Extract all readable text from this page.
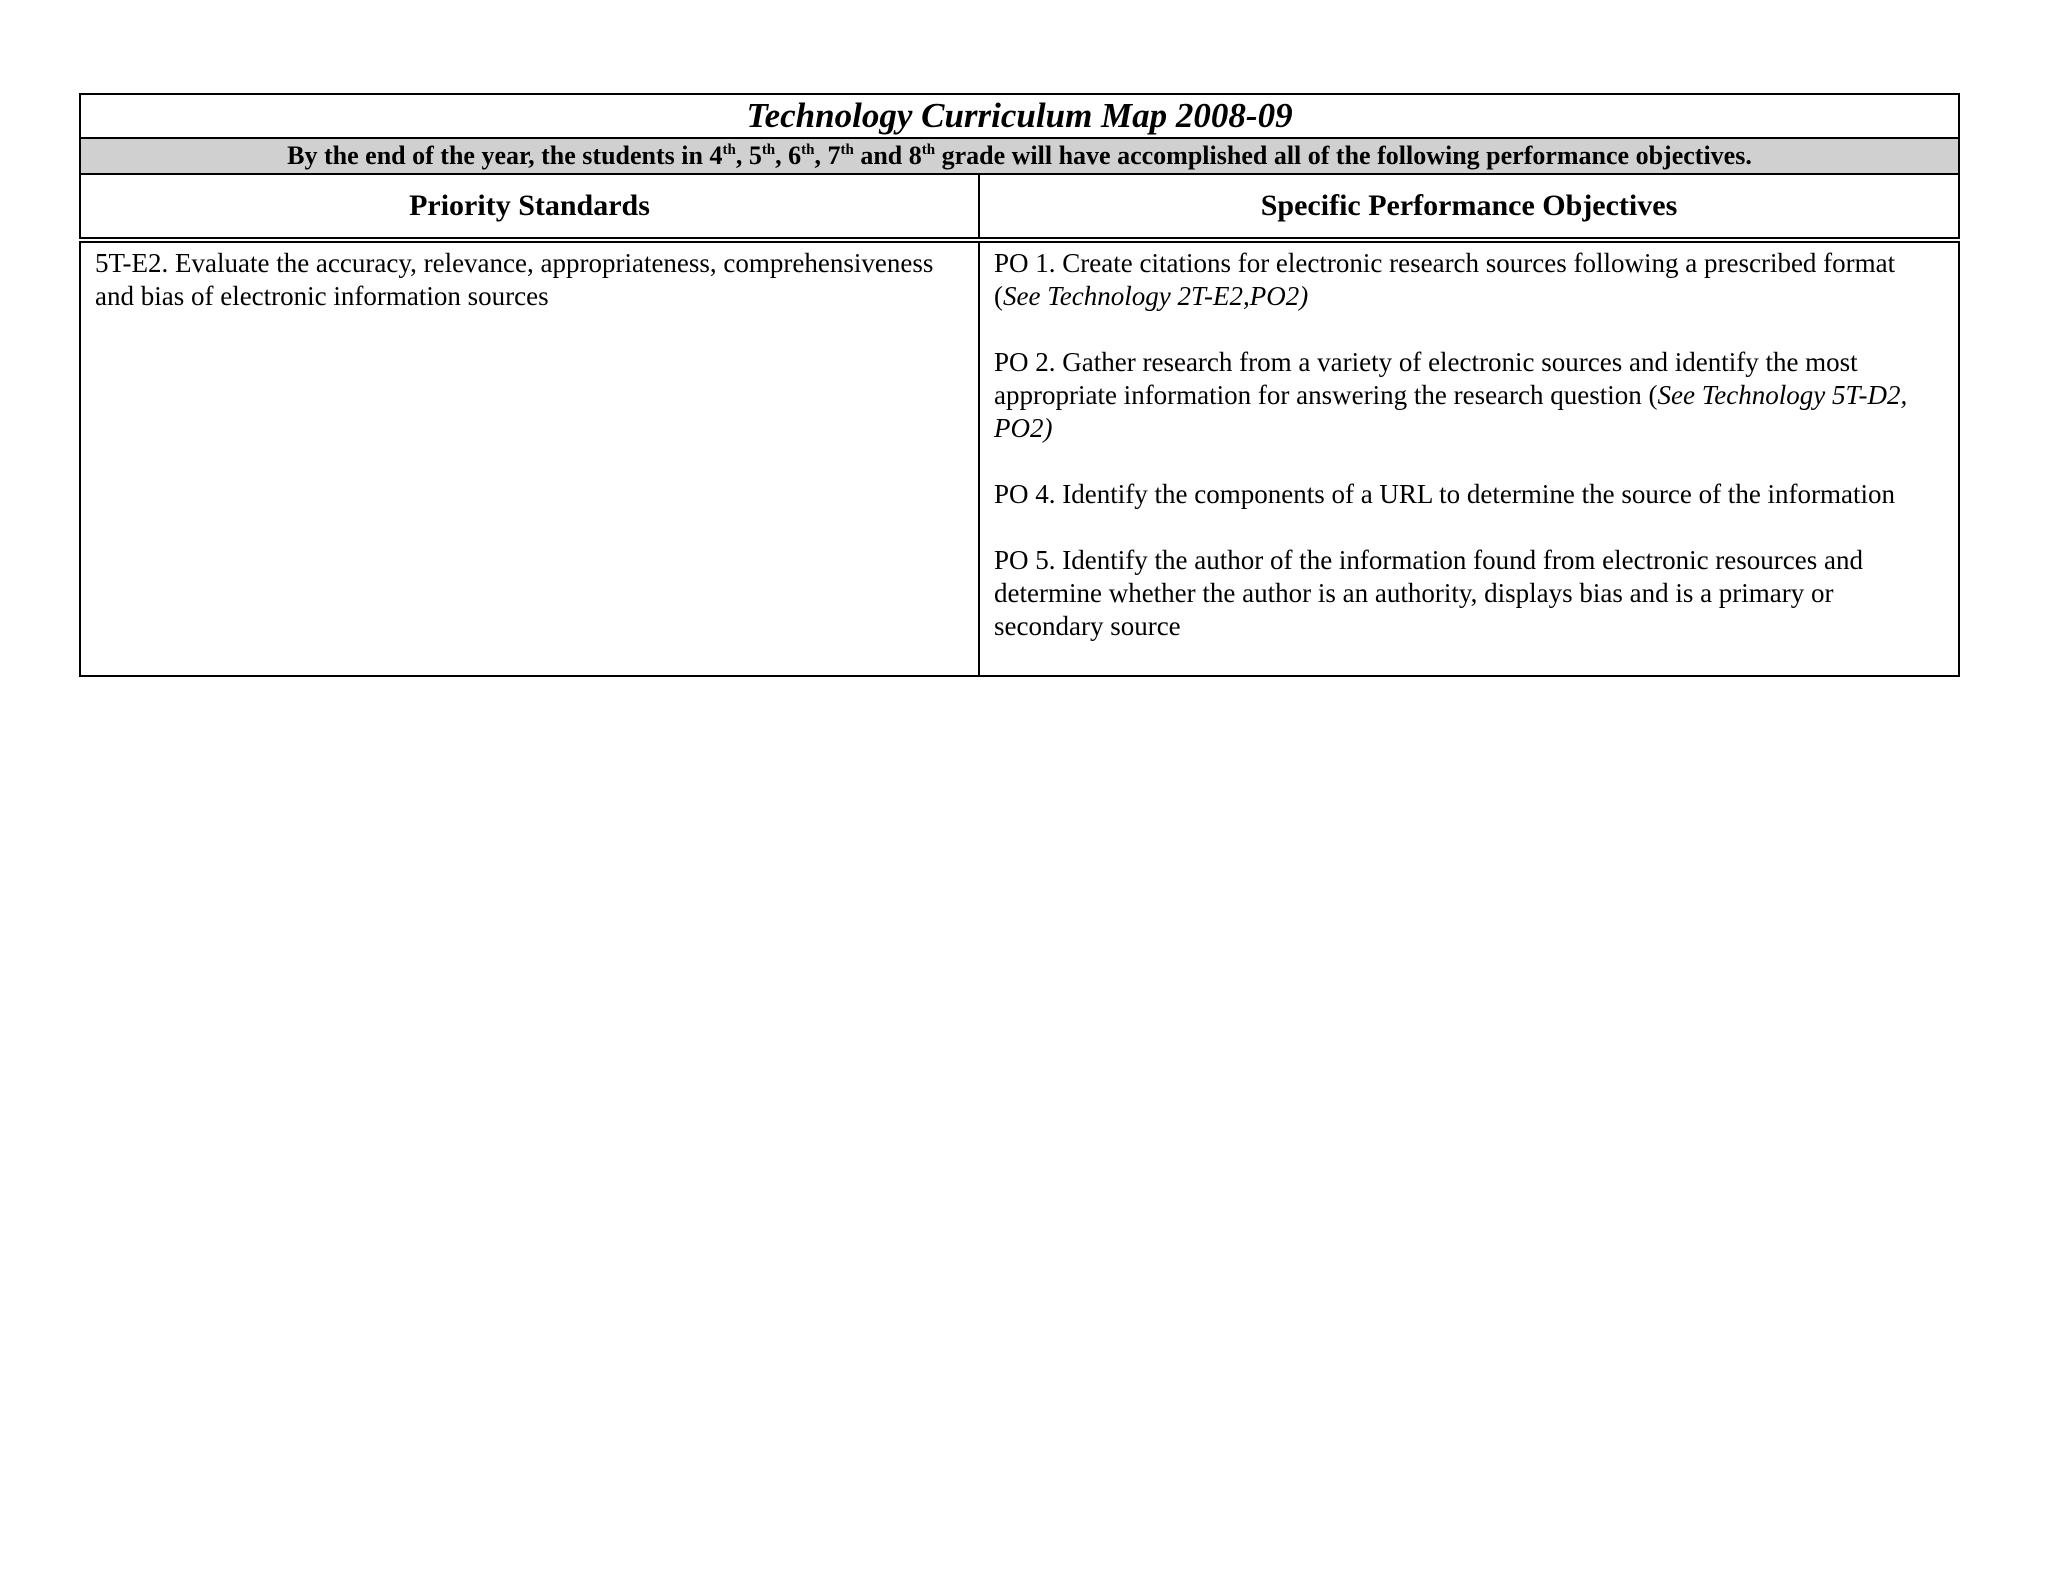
Technology Curriculum Map 2008-09	
By the end of the year, the students in 4th, 5th, 6th, 7th and 8th grade will have accomplished all of the following performance objectives.	
Priority Standards	Specific Performance Objectives

5T-E2. Evaluate the accuracy, relevance, appropriateness, comprehensiveness and bias of electronic information sources	PO 1. Create citations for electronic research sources following a prescribed format (See Technology 2T-E2,PO2)
PO 2. Gather research from a variety of electronic sources and identify the most appropriate information for answering the research question (See Technology 5T-D2, PO2)
PO 4. Identify the components of a URL to determine the source of the information
PO 5. Identify the author of the information found from electronic resources and determine whether the author is an authority, displays bias and is a primary or secondary source
